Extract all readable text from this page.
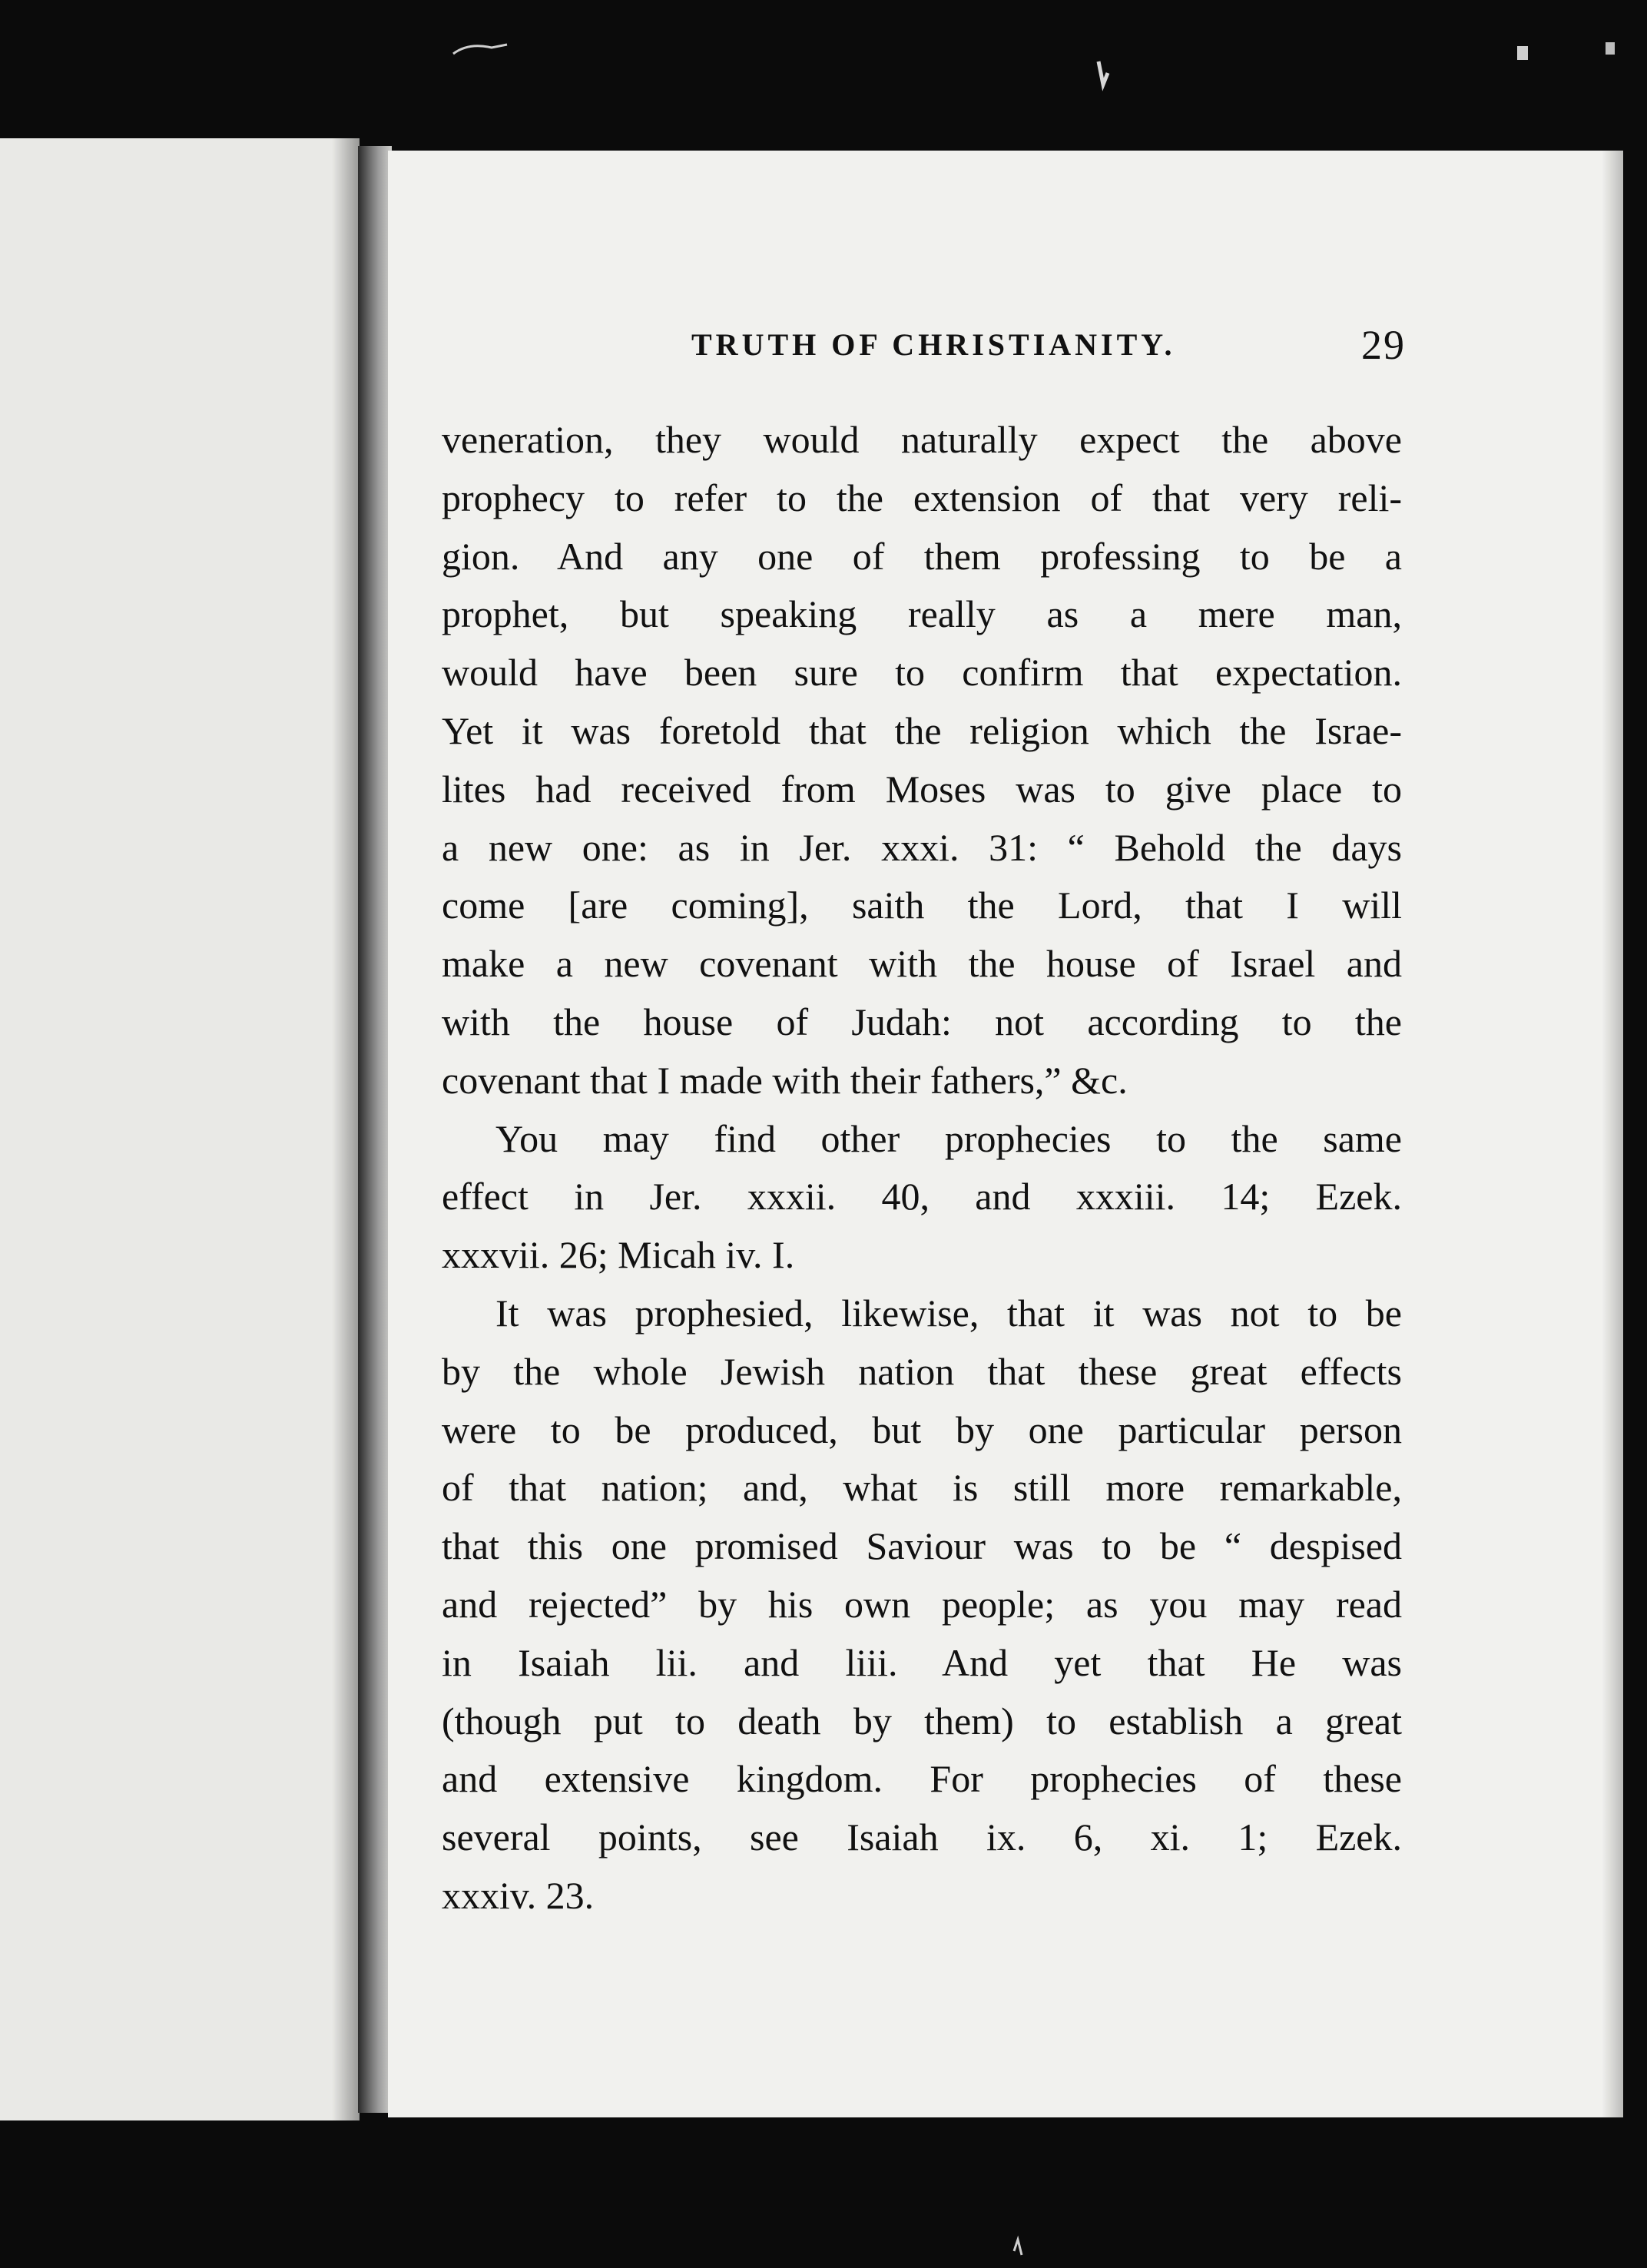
TRUTH OF CHRISTIANITY.	29
veneration, they would naturally expect the above
prophecy to refer to the extension of that very reli-
gion. And any one of them professing to be a
prophet, but speaking really as a mere man,
would have been sure to confirm that expectation.
Yet it was foretold that the religion which the Israe-
lites had received from Moses was to give place to
a new one: as in Jer. xxxi. 31: “ Behold the days
come [are coming], saith the Lord, that I will
make a new covenant with the house of Israel and
with the house of Judah: not according to the
covenant that I made with their fathers,” &c.
You may find other prophecies to the same
effect in Jer. xxxii. 40, and xxxiii. 14; Ezek.
xxxvii. 26; Micah iv. I.
It was prophesied, likewise, that it was not to be
by the whole Jewish nation that these great effects
were to be produced, but by one particular person
of that nation; and, what is still more remarkable,
that this one promised Saviour was to be “ despised
and rejected” by his own people; as you may read
in Isaiah lii. and liii. And yet that He was
(though put to death by them) to establish a great
and extensive kingdom. For prophecies of these
several points, see Isaiah ix. 6, xi. 1; Ezek.
xxxiv. 23.
